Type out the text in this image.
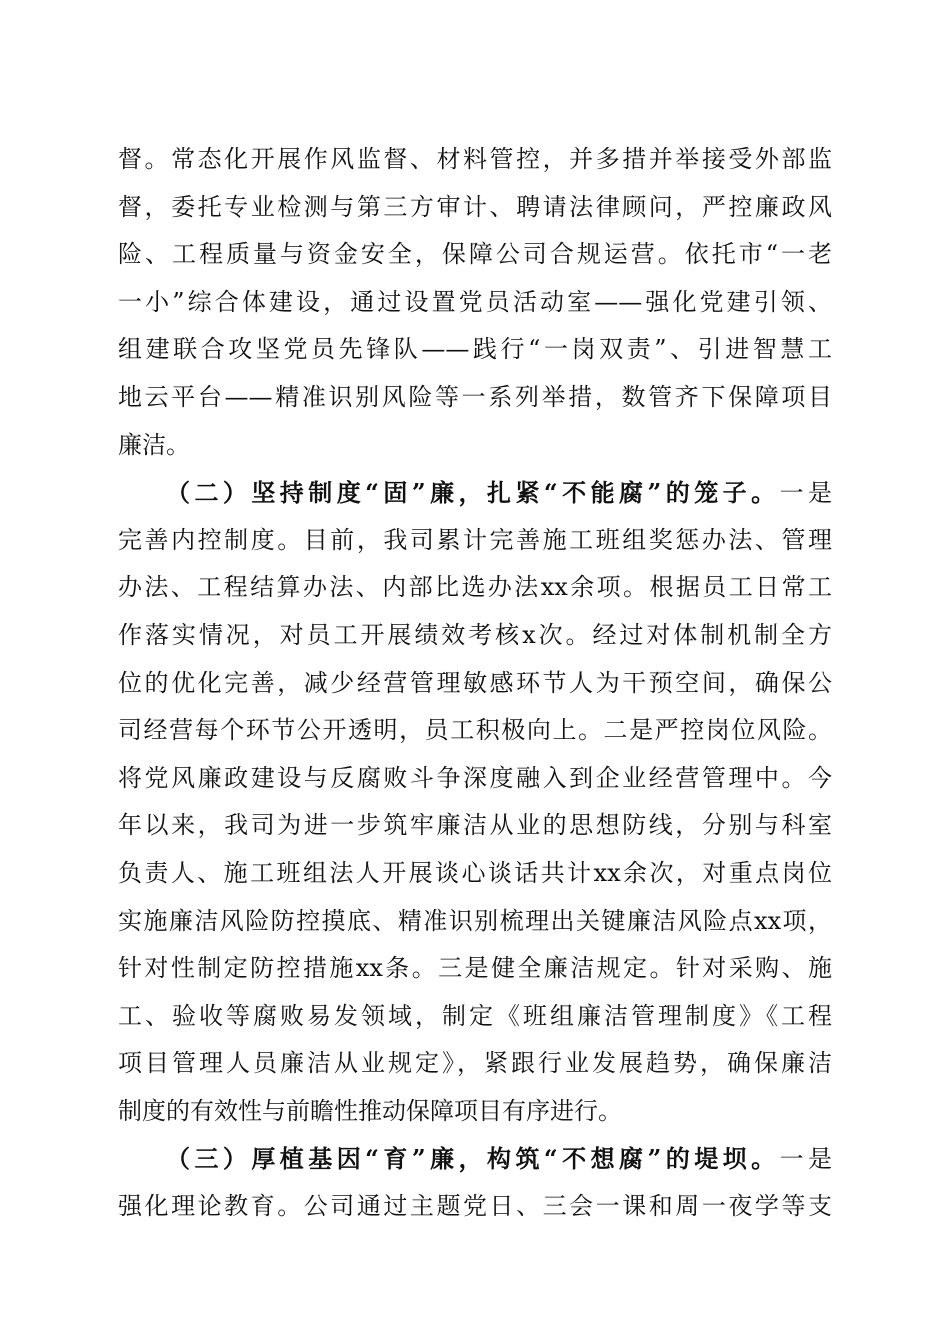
督。常态化开展作风监督、材料管控，并多措并举接受外部监
督，委托专业检测与第三方审计、聘请法律顾问，严控廉政风
险、工程质量与资金安全，保障公司合规运营。依托市“一老
一小”综合体建设，通过设置党员活动室——强化党建引领、
组建联合攻坚党员先锋队——践行“一岗双责”、引进智慧工
地云平台——精准识别风险等一系列举措，数管齐下保障项目
廉洁。
（二）坚持制度“固”廉，扎紧“不能腐”的笼子。一是
完善内控制度。目前，我司累计完善施工班组奖惩办法、管理
办法、工程结算办法、内部比选办法xx余项。根据员工日常工
作落实情况，对员工开展绩效考核x次。经过对体制机制全方
位的优化完善，减少经营管理敏感环节人为干预空间，确保公
司经营每个环节公开透明，员工积极向上。二是严控岗位风险。
将党风廉政建设与反腐败斗争深度融入到企业经营管理中。今
年以来，我司为进一步筑牢廉洁从业的思想防线，分别与科室
负责人、施工班组法人开展谈心谈话共计xx余次，对重点岗位
实施廉洁风险防控摸底、精准识别梳理出关键廉洁风险点xx项，
针对性制定防控措施xx条。三是健全廉洁规定。针对采购、施
工、验收等腐败易发领域，制定《班组廉洁管理制度》《工程
项目管理人员廉洁从业规定》，紧跟行业发展趋势，确保廉洁
制度的有效性与前瞻性推动保障项目有序进行。
（三）厚植基因“育”廉，构筑“不想腐”的堤坝。一是
强化理论教育。公司通过主题党日、三会一课和周一夜学等支
